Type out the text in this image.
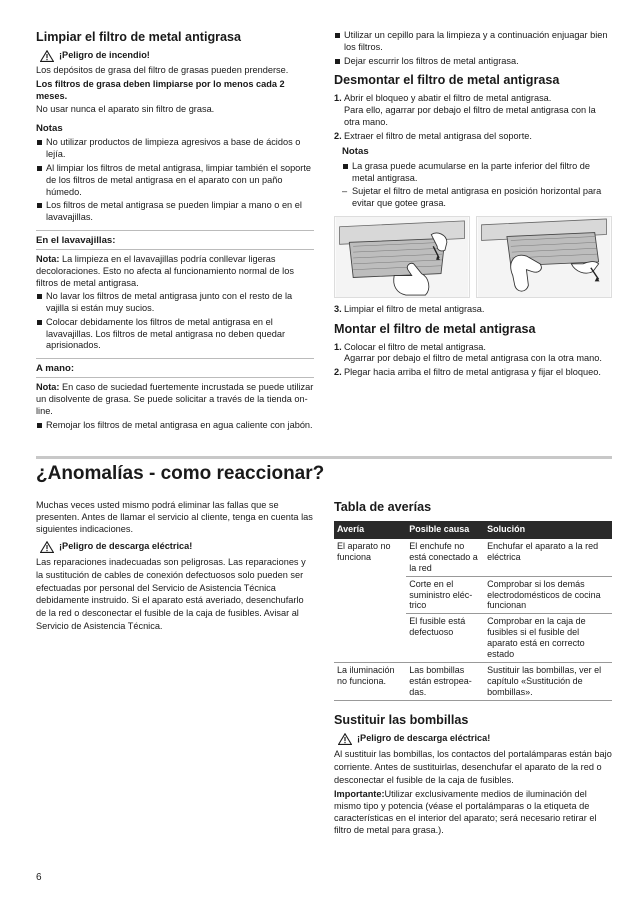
Limpiar el filtro de metal antigrasa
¡Peligro de incendio!

Los depósitos de grasa del filtro de grasas pueden prenderse.

Los filtros de grasa deben limpiarse por lo menos cada 2 meses.

No usar nunca el aparato sin filtro de grasa.

Notas
No utilizar productos de limpieza agresivos a base de ácidos o lejía.
Al limpiar los filtros de metal antigrasa, limpiar también el soporte de los filtros de metal antigrasa en el aparato con un paño húmedo.
Los filtros de metal antigrasa se pueden limpiar a mano o en el lavavajillas.
En el lavavajillas:

Nota: La limpieza en el lavavajillas podría conllevar ligeras decoloraciones. Esto no afecta al funcionamiento normal de los filtros de metal antigrasa.

No lavar los filtros de metal antigrasa junto con el resto de la vajilla si están muy sucios.
Colocar debidamente los filtros de metal antigrasa en el lavavajillas. Los filtros de metal antigrasa no deben quedar aprisionados.
A mano:

Nota: En caso de suciedad fuertemente incrustada se puede utilizar un disolvente de grasa. Se puede solicitar a través de la tienda on-line.

Remojar los filtros de metal antigrasa en agua caliente con jabón.
Utilizar un cepillo para la limpieza y a continuación enjuagar bien los filtros.
Dejar escurrir los filtros de metal antigrasa.
Desmontar el filtro de metal antigrasa
1. Abrir el bloqueo y abatir el filtro de metal antigrasa.
Para ello, agarrar por debajo el filtro de metal antigrasa con la otra mano.
2. Extraer el filtro de metal antigrasa del soporte.
Notas
La grasa puede acumularse en la parte inferior del filtro de metal antigrasa.
– Sujetar el filtro de metal antigrasa en posición horizontal para evitar que gotee grasa.
3. Limpiar el filtro de metal antigrasa.
Montar el filtro de metal antigrasa
1. Colocar el filtro de metal antigrasa.
Agarrar por debajo el filtro de metal antigrasa con la otra mano.
2. Plegar hacia arriba el filtro de metal antigrasa y fijar el bloqueo.
¿Anomalías - como reaccionar?

Muchas veces usted mismo podrá eliminar las fallas que se presenten. Antes de llamar el servicio al cliente, tenga en cuenta las siguientes indicaciones.

¡Peligro de descarga eléctrica!

Las reparaciones inadecuadas son peligrosas. Las reparaciones y la sustitución de cables de conexión defectuosos solo pueden ser efectuadas por personal del Servicio de Asistencia Técnica debidamente instruido. Si el aparato está averiado, desenchufarlo de la red o desconectar el fusible de la caja de fusibles. Avisar al Servicio de Asistencia Técnica.

Tabla de averías
Avería	Posible causa	Solución
El aparato no funciona	El enchufe no está conectado a la red	Enchufar el aparato a la red eléctrica
	Corte en el suministro eléc-trico	Comprobar si los demás electrodomésticos de cocina funcionan
	El fusible está defectuoso	Comprobar en la caja de fusibles si el fusible del aparato está en correcto estado
La iluminación no funciona.	Las bombillas están estropea-das.	Sustituir las bombillas, ver el capítulo «Sustitución de bombillas».
Sustituir las bombillas
¡Peligro de descarga eléctrica!

Al sustituir las bombillas, los contactos del portalámparas están bajo corriente. Antes de sustituirlas, desenchufar el aparato de la red o desconectar el fusible de la caja de fusibles.

Importante:Utilizar exclusivamente medios de iluminación del mismo tipo y potencia (véase el portalámparas o la etiqueta de características en el interior del aparato; será necesario retirar el filtro de metal para grasa.).

6
